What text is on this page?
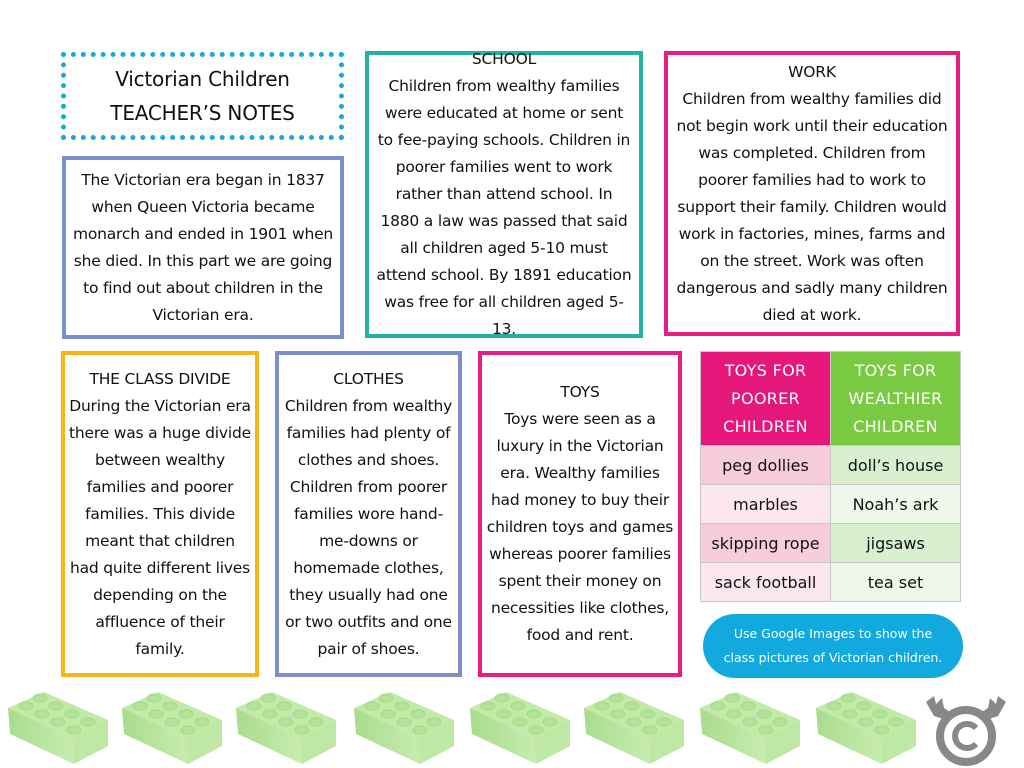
Victorian Children
TEACHER’S NOTES

The Victorian era began in 1837 when Queen Victoria became monarch and ended in 1901 when she died. In this part we are going to find out about children in the Victorian era.

SCHOOL

Children from wealthy families were educated at home or sent to fee-paying schools. Children in poorer families went to work rather than attend school. In 1880 a law was passed that said all children aged 5-10 must attend school. By 1891 education was free for all children aged 5-13.

WORK

Children from wealthy families did not begin work until their education was completed. Children from poorer families had to work to support their family. Children would work in factories, mines, farms and on the street. Work was often dangerous and sadly many children died at work.

THE CLASS DIVIDE

During the Victorian era there was a huge divide between wealthy families and poorer families. This divide meant that children had quite different lives depending on the affluence of their family.

CLOTHES

Children from wealthy families had plenty of clothes and shoes. Children from poorer families wore hand-me-downs or homemade clothes, they usually had one or two outfits and one pair of shoes.

TOYS

Toys were seen as a luxury in the Victorian era. Wealthy families had money to buy their children toys and games whereas poorer families spent their money on necessities like clothes, food and rent.

TOYS FOR POORER CHILDREN	TOYS FOR WEALTHIER CHILDREN
peg dollies	doll’s house
marbles	Noah’s ark
skipping rope	jigsaws
sack football	tea set
Use Google Images to show the
class pictures of Victorian children.
